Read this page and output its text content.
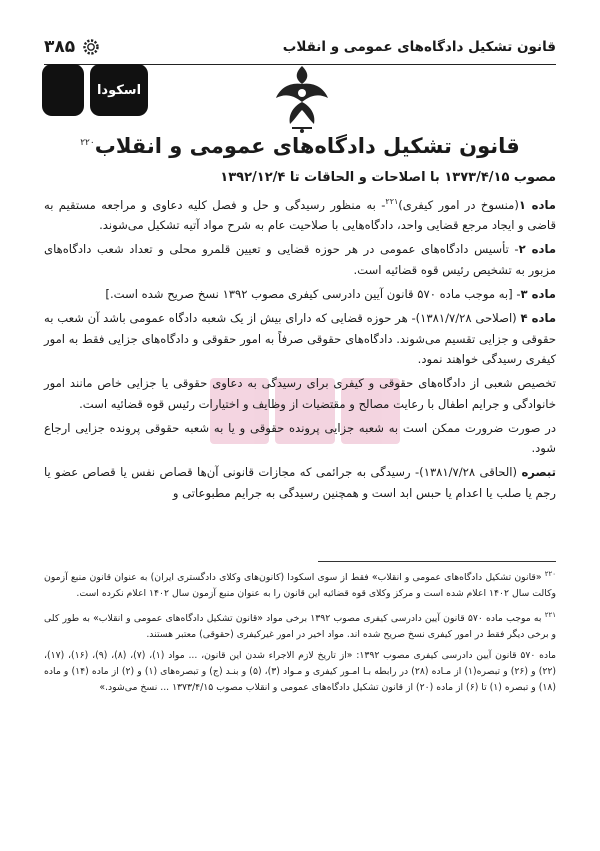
قانون تشکیل دادگاه‌های عمومی و انقلاب
۳۸۵
اسکودا
قانون تشکیل دادگاه‌های عمومی و انقلاب$^{۲۲۰}$
مصوب ۱۳۷۳/۴/۱۵ با اصلاحات و الحاقات تا ۱۳۹۲/۱۲/۴

ماده ۱(منسوخ در امور کیفری)$^{۲۲۱}$- به منظور رسیدگی و حل و فصل کلیه دعاوی و مراجعه مستقیم به قاضی و ایجاد مرجع قضایی واحد، دادگاه‌هایی با صلاحیت عام به شرح مواد آتیه تشکیل می‌شوند.

ماده ۲- تأسیس دادگاه‌های عمومی در هر حوزه قضایی و تعیین قلمرو محلی و تعداد شعب دادگاه‌های مزبور به تشخیص رئیس قوه قضائیه است.

ماده ۳- [به موجب ماده ۵۷۰ قانون آیین دادرسی کیفری مصوب ۱۳۹۲ نسخ صریح شده است.]

ماده ۴ (اصلاحی ۱۳۸۱/۷/۲۸)- هر حوزه قضایی که دارای بیش از یک شعبه دادگاه عمومی باشد آن شعب به حقوقی و جزایی تقسیم می‌شوند. دادگاه‌های حقوقی صرفاً به امور حقوقی و دادگاه‌های جزایی فقط به امور کیفری رسیدگی خواهند نمود.

تخصیص شعبی از دادگاه‌های حقوقی و کیفری برای رسیدگی به دعاوی حقوقی یا جزایی خاص مانند امور خانوادگی و جرایم اطفال با رعایت مصالح و مقتضیات از وظایف و اختیارات رئیس قوه قضائیه است.

در صورت ضرورت ممکن است به شعبه جزایی پرونده حقوقی و یا به شعبه حقوقی پرونده جزایی ارجاع شود.

تبصره (الحاقی ۱۳۸۱/۷/۲۸)- رسیدگی به جرائمی که مجازات قانونی آن‌ها قصاص نفس یا قصاص عضو یا رجم یا صلب یا اعدام یا حبس ابد است و همچنین رسیدگی به جرایم مطبوعاتی و

$^{۲۲۰}$ «قانون تشکیل دادگاه‌های عمومی و انقلاب» فقط از سوی اسکودا (کانون‌های وکلای دادگستری ایران) به عنوان قانون منبع آزمون وکالت سال ۱۴۰۲ اعلام شده است و مرکز وکلای قوه قضائیه این قانون را به عنوان منبع آزمون سال ۱۴۰۲ اعلام نکرده است.

$^{۲۲۱}$ به موجب ماده ۵۷۰ قانون آیین دادرسی کیفری مصوب ۱۳۹۲ برخی مواد «قانون تشکیل دادگاه‌های عمومی و انقلاب» به طور کلی و برخی دیگر فقط در امور کیفری نسخ صریح شده اند. مواد اخیر در امور غیرکیفری (حقوقی) معتبر هستند.

ماده ۵۷۰ قانون آیین دادرسی کیفری مصوب ۱۳۹۲: «از تاریخ لازم الاجراء شدن این قانون، ... مواد (۱)، (۷)، (۸)، (۹)، (۱۶)، (۱۷)، (۲۲) و (۲۶) و تبصره(۱) از مـاده (۲۸) در رابطه بـا امـور کیفری و مـواد (۳)، (۵) و بنـد (ج) و تبصره‌های (۱) و (۲) از ماده (۱۴) و ماده (۱۸) و تبصره (۱) تا (۶) از ماده (۲۰) از قانون تشکیل دادگاه‌های عمومی و انقلاب مصوب ۱۳۷۳/۴/۱۵ ... نسخ می‌شود.»
